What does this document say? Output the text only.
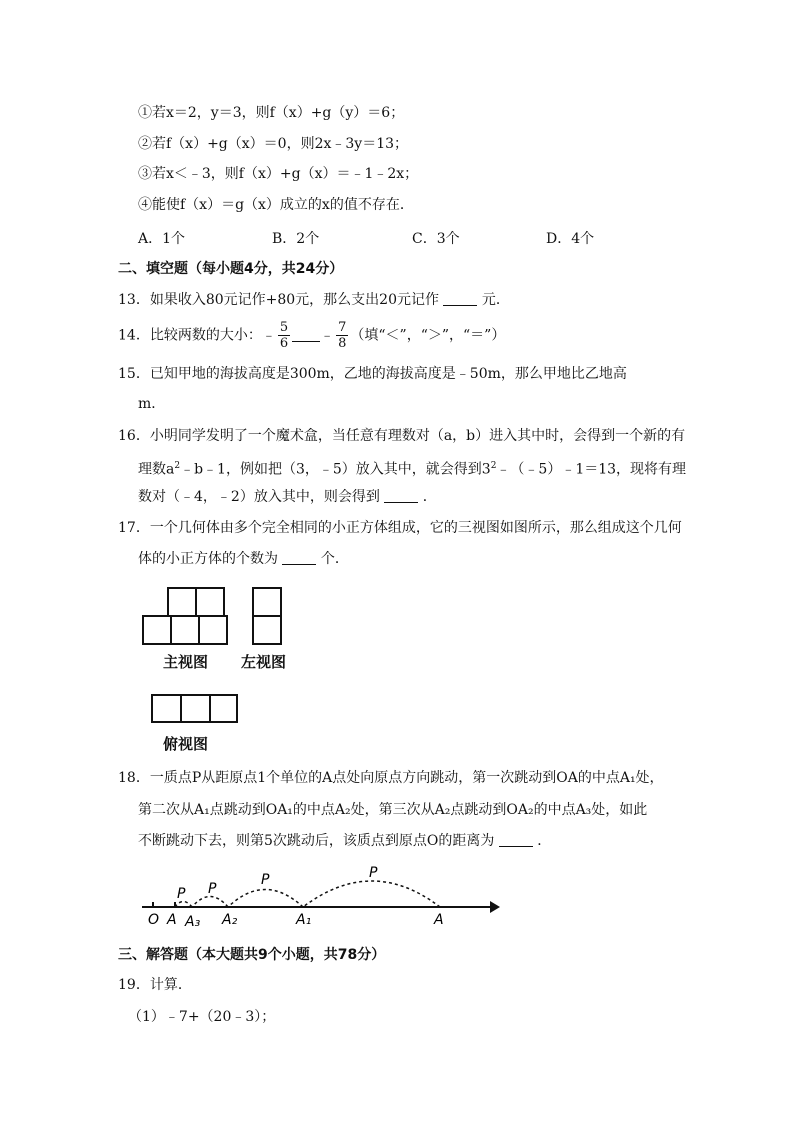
①若x＝2，y＝3，则f（x）+g（y）＝6；
②若f（x）+g（x）＝0，则2x﹣3y＝13；
③若x＜﹣3，则f（x）+g（x）＝﹣1﹣2x；
④能使f（x）＝g（x）成立的x的值不存在．
A．1个	B．2个	C．3个	D．4个
二、填空题（每小题4分，共24分）
13．如果收入80元记作+80元，那么支出20元记作	元．
14．比较两数的大小：﹣ $\frac{5}{6}$ ﹣ $\frac{7}{8}$ （填“＜”，“＞”，“＝”）
15．已知甲地的海拔高度是300m，乙地的海拔高度是﹣50m，那么甲地比乙地高
m．
16．小明同学发明了一个魔术盒，当任意有理数对（a，b）进入其中时，会得到一个新的有
理数$a^2﹣b﹣1$，例如把（3，﹣5）放入其中，就会得到$3^2﹣(﹣5)﹣1=13$，现将有理
数对（﹣4，﹣2）放入其中，则会得到	．
17．一个几何体由多个完全相同的小正方体组成，它的三视图如图所示，那么组成这个几何
体的小正方体的个数为	个．
主视图 左视图
俯视图
18．一质点P从距原点1个单位的A点处向原点方向跳动，第一次跳动到OA的中点A₁处，
第二次从A₁点跳动到OA₁的中点A₂处，第三次从A₂点跳动到OA₂的中点A₃处，如此
不断跳动下去，则第5次跳动后，该质点到原点O的距离为	．
O A A₃ A₂	A₁	A
P P
P	P
三、解答题（本大题共9个小题，共78分）
19．计算．
（1）﹣7+（20﹣3）；
